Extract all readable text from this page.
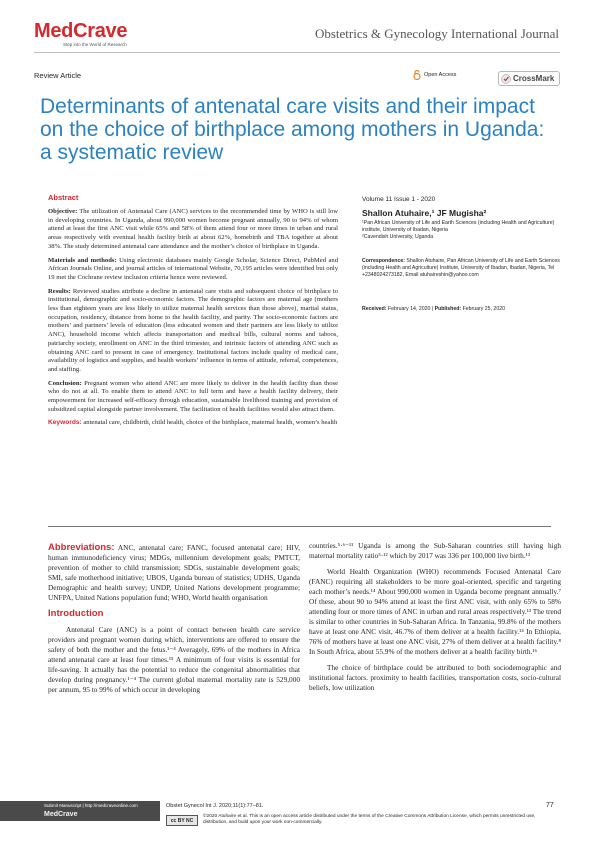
MedCrave
Step into the World of Research
Obstetrics & Gynecology International Journal
Review Article	Open Access	CrossMark
Determinants of antenatal care visits and their impact on the choice of birthplace among mothers in Uganda: a systematic review
Abstract

Objective: The utilization of Antenatal Care (ANC) services to the recommended time by WHO is still low in developing countries. In Uganda, about 990,000 women become pregnant annually, 90 to 94% of whom attend at least the first ANC visit while 65% and 58% of them attend four or more times in urban and rural areas respectively with eventual health facility birth at about 62%, homebirth and TBA together at about 38%. The study determined antenatal care attendance and the mother’s choice of birthplace in Uganda.

Materials and methods: Using electronic databases mainly Google Scholar, Science Direct, PubMed and African Journals Online, and journal articles of international Website, 70,195 articles were identified but only 19 met the Cochrane review inclusion criteria hence were reviewed.

Results: Reviewed studies attribute a decline in antenatal care visits and subsequent choice of birthplace to institutional, demographic and socio-economic factors. The demographic factors are maternal age (mothers less than eighteen years are less likely to utilize maternal health services than those above), marital status, occupation, residency, distance from home to the health facility, and parity. The socio-economic factors are mothers’ and partners’ levels of education (less educated women and their partners are less likely to utilize ANC), household income which affects transportation and medical bills, cultural norms and taboos, patriarchy society, enrollment on ANC in the third trimester, and intrinsic factors of attending ANC such as obtaining ANC card to present in case of emergency. Institutional factors include quality of medical care, availability of logistics and supplies, and health workers’ influence in terms of attitude, referral, competences, and staffing.

Conclusion: Pregnant women who attend ANC are more likely to deliver in the health facility than those who do not at all. To enable them to attend ANC to full term and have a health facility delivery, their empowerment for increased self-efficacy through education, sustainable livelihood training and provision of subsidized capital alongside partner involvement. The facilitation of health facilities would also attract them.

Keywords: antenatal care, childbirth, child health, choice of the birthplace, maternal health, women’s health

Volume 11 Issue 1 - 2020
Shallon Atuhaire,¹ JF Mugisha²
¹Pan African University of Life and Earth Sciences (including Health and Agriculture) institute, University of Ibadan, Nigeria
²Cavendish University, Uganda
Correspondence: Shallon Atuhaire, Pan African University of Life and Earth Sciences (including Health and Agriculture) Institute, University of Ibadan, Ibadan, Nigeria, Tel +2348024273182, Email atuhaireshin@yahoo.com
Received: February 14, 2020 | Published: February 25, 2020

Abbreviations: ANC, antenatal care; FANC, focused antenatal care; HIV, human immunodeficiency virus; MDGs, millennium development goals; PMTCT, prevention of mother to child transmission; SDGs, sustainable development goals; SMI, safe motherhood initiative; UBOS, Uganda bureau of statistics; UDHS, Uganda Demographic and health survey; UNDP, United Nations development programme; UNFPA, United Nations population fund; WHO, World health organisation

Introduction

Antenatal Care (ANC) is a point of contact between health care service providers and pregnant women during which, interventions are offered to ensure the safety of both the mother and the fetus.¹⁻⁴ Averagely, 69% of the mothers in Africa attend antenatal care at least four times.¹⁵ A minimum of four visits is essential for life-saving. It actually has the potential to reduce the congenital abnormalities that develop during pregnancy.¹⁻⁴ The current global maternal mortality rate is 529,000 per annum, 95 to 99% of which occur in developing

countries.⁵·⁶⁻¹¹ Uganda is among the Sub-Saharan countries still having high maternal mortality ratio⁵·¹² which by 2017 was 336 per 100,000 live birth.¹³

World Health Organization (WHO) recommends Focused Antenatal Care (FANC) requiring all stakeholders to be more goal-oriented, specific and targeting each mother’s needs.¹⁴ About 990,000 women in Uganda become pregnant annually.⁷ Of these, about 90 to 94% attend at least the first ANC visit, with only 65% to 58% attending four or more times of ANC in urban and rural areas respectively.¹³ The trend is similar to other countries in Sub-Saharan Africa. In Tanzania, 99.8% of the mothers have at least one ANC visit, 46.7% of them deliver at a health facility.¹⁴ In Ethiopia, 76% of mothers have at least one ANC visit, 27% of them deliver at a health facility.⁸ In South Africa, about 55.9% of the mothers deliver at a health facility birth.¹⁶

The choice of birthplace could be attributed to both sociodemographic and institutional factors. proximity to health facilities, transportation costs, socio-cultural beliefs, low utilization

Submit Manuscript | http://medcraveonline.com
MedCrave
Obstet Gynecol Int J. 2020;11(1):77‒81.	77
cc BY NC
©2020 Atuhaire et al. This is an open access article distributed under the terms of the Creative Commons Attribution License, which permits unrestricted use, distribution, and build upon your work non-commercially.
